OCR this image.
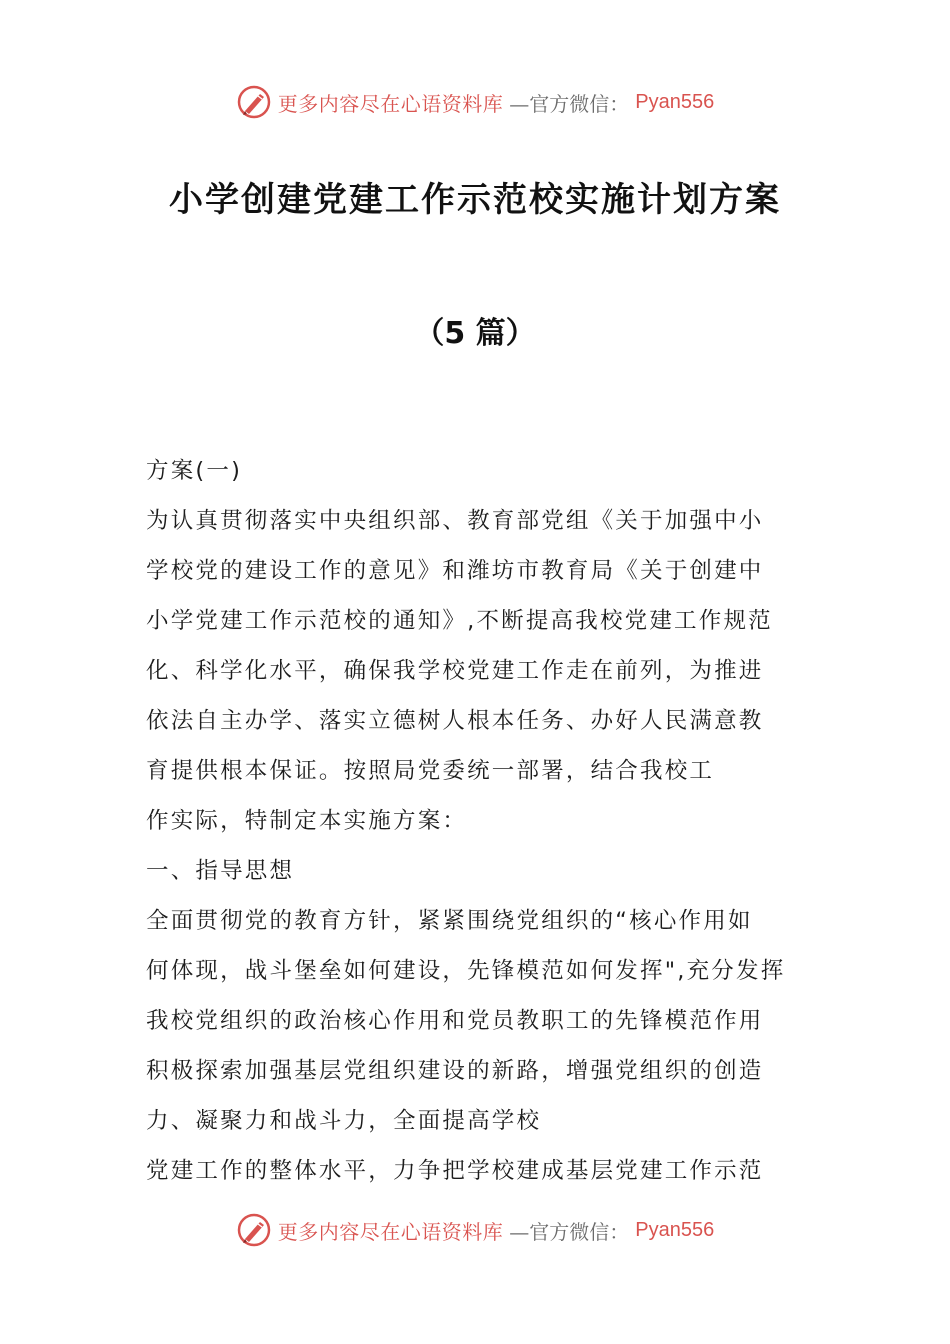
更多内容尽在心语资料库 —官方微信： Pyan556
小学创建党建工作示范校实施计划方案
（5 篇）
方案(一)
为认真贯彻落实中央组织部、教育部党组《关于加强中小
学校党的建设工作的意见》和潍坊市教育局《关于创建中
小学党建工作示范校的通知》,不断提高我校党建工作规范
化、科学化水平，确保我学校党建工作走在前列，为推进
依法自主办学、落实立德树人根本任务、办好人民满意教
育提供根本保证。按照局党委统一部署，结合我校工
作实际，特制定本实施方案：
一、指导思想
全面贯彻党的教育方针，紧紧围绕党组织的“核心作用如
何体现，战斗堡垒如何建设，先锋模范如何发挥",充分发挥
我校党组织的政治核心作用和党员教职工的先锋模范作用
积极探索加强基层党组织建设的新路，增强党组织的创造
力、凝聚力和战斗力，全面提高学校
党建工作的整体水平，力争把学校建成基层党建工作示范
更多内容尽在心语资料库 —官方微信： Pyan556
